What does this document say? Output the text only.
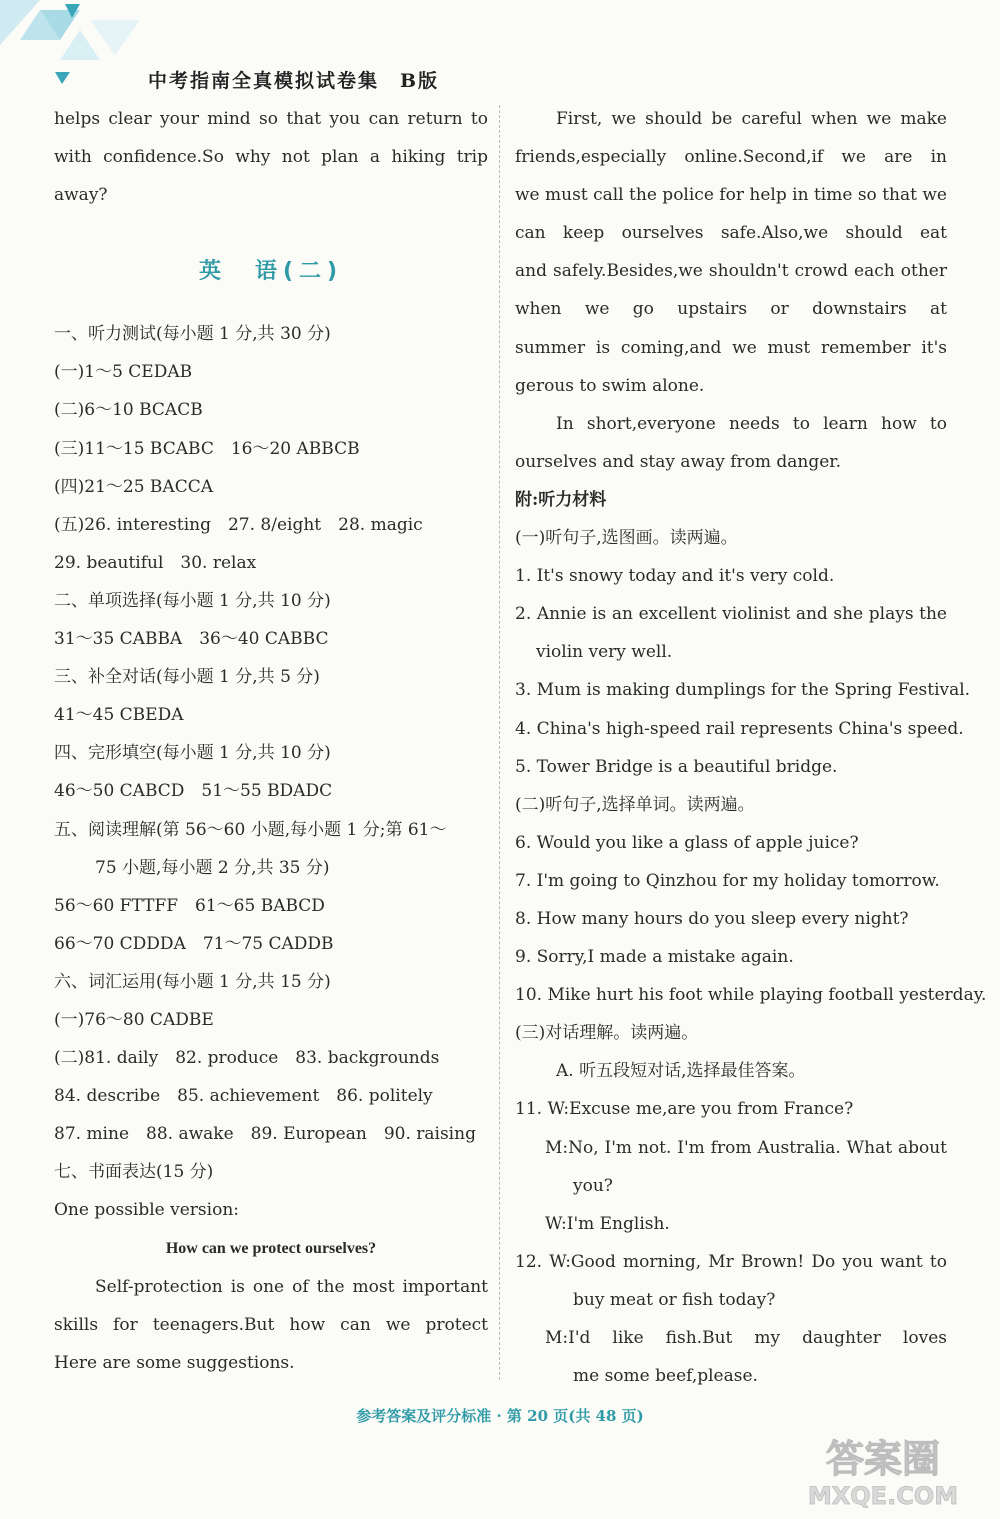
中考指南全真模拟试卷集　B版
helps clear your mind so that you can return to
with confidence.So why not plan a hiking trip
away?
英　语(二)
一、听力测试(每小题 1 分,共 30 分)
(一)1～5 CEDAB
(二)6～10 BCACB
(三)11～15 BCABC　16～20 ABBCB
(四)21～25 BACCA
(五)26. interesting　27. 8/eight　28. magic
29. beautiful　30. relax
二、单项选择(每小题 1 分,共 10 分)
31～35 CABBA　36～40 CABBC
三、补全对话(每小题 1 分,共 5 分)
41～45 CBEDA
四、完形填空(每小题 1 分,共 10 分)
46～50 CABCD　51～55 BDADC
五、阅读理解(第 56～60 小题,每小题 1 分;第 61～
75 小题,每小题 2 分,共 35 分)
56～60 FTTFF　61～65 BABCD
66～70 CDDDA　71～75 CADDB
六、词汇运用(每小题 1 分,共 15 分)
(一)76～80 CADBE
(二)81. daily　82. produce　83. backgrounds
84. describe　85. achievement　86. politely
87. mine　88. awake　89. European　90. raising
七、书面表达(15 分)
One possible version:
How can we protect ourselves?
Self-protection is one of the most important
skills for teenagers.But how can we protect
Here are some suggestions.
First, we should be careful when we make
friends,especially online.Second,if we are in
we must call the police for help in time so that we
can keep ourselves safe.Also,we should eat
and safely.Besides,we shouldn't crowd each other
when we go upstairs or downstairs at
summer is coming,and we must remember it's
gerous to swim alone.
In short,everyone needs to learn how to
ourselves and stay away from danger.
附:听力材料
(一)听句子,选图画。读两遍。
1. It's snowy today and it's very cold.
2. Annie is an excellent violinist and she plays the
violin very well.
3. Mum is making dumplings for the Spring Festival.
4. China's high-speed rail represents China's speed.
5. Tower Bridge is a beautiful bridge.
(二)听句子,选择单词。读两遍。
6. Would you like a glass of apple juice?
7. I'm going to Qinzhou for my holiday tomorrow.
8. How many hours do you sleep every night?
9. Sorry,I made a mistake again.
10. Mike hurt his foot while playing football yesterday.
(三)对话理解。读两遍。
A. 听五段短对话,选择最佳答案。
11. W:Excuse me,are you from France?
M:No, I'm not. I'm from Australia. What about
you?
W:I'm English.
12. W:Good morning, Mr Brown! Do you want to
buy meat or fish today?
M:I'd like fish.But my daughter loves
me some beef,please.
参考答案及评分标准 · 第 20 页(共 48 页)
答案圈
MXQE.COM
